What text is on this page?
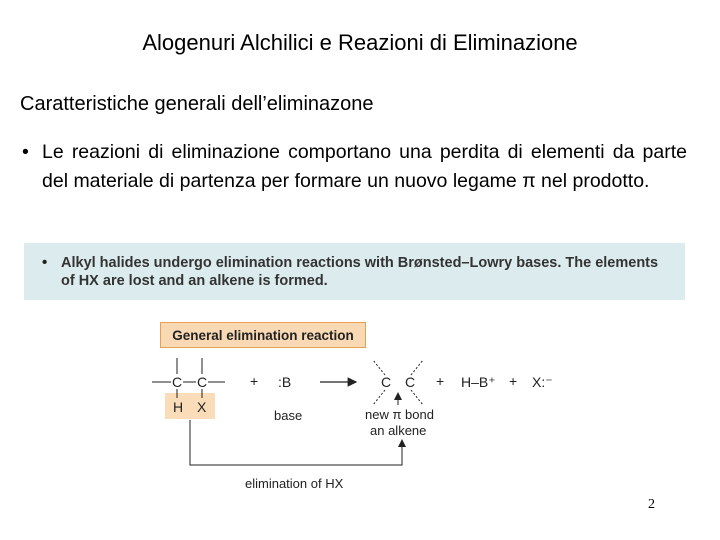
Alogenuri Alchilici e Reazioni di Eliminazione
Caratteristiche generali dell’eliminazone
• Le reazioni di eliminazione comportano una perdita di elementi da parte del materiale di partenza per formare un nuovo legame π nel prodotto.
• Alkyl halides undergo elimination reactions with Brønsted–Lowry bases. The elements of HX are lost and an alkene is formed.
General elimination reaction
C C
H X
+ :B
base
C C + H–B⁺ + X:⁻
new π bond
an alkene
elimination of HX
2
